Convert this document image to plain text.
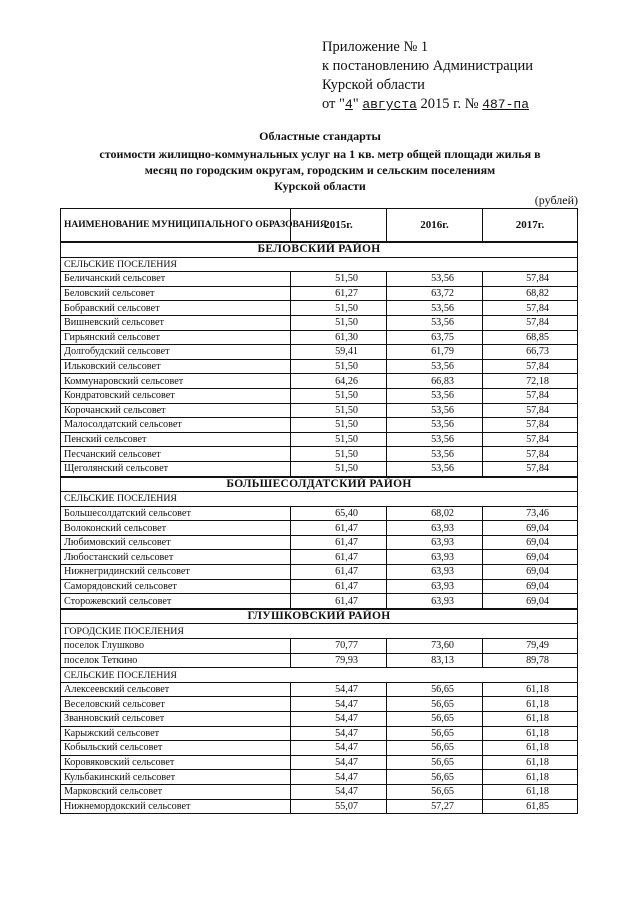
Приложение № 1
к постановлению Администрации
Курской области
от "4" августа 2015 г. № 487-па
Областные стандарты
стоимости жилищно-коммунальных услуг на 1 кв. метр общей площади жилья в
месяц по городским округам, городским и сельским поселениям
Курской области
(рублей)
НАИМЕНОВАНИЕ МУНИЦИПАЛЬНОГО ОБРАЗОВАНИЯ	2015г.	2016г.	2017г.
БЕЛОВСКИЙ РАЙОН			
СЕЛЬСКИЕ ПОСЕЛЕНИЯ			
Беличанский сельсовет	51,50	53,56	57,84
Беловский сельсовет	61,27	63,72	68,82
Бобравский сельсовет	51,50	53,56	57,84
Вишневский сельсовет	51,50	53,56	57,84
Гирьянский сельсовет	61,30	63,75	68,85
Долгобудский сельсовет	59,41	61,79	66,73
Ильковский сельсовет	51,50	53,56	57,84
Коммунаровский сельсовет	64,26	66,83	72,18
Кондратовский сельсовет	51,50	53,56	57,84
Корочанский сельсовет	51,50	53,56	57,84
Малосолдатский сельсовет	51,50	53,56	57,84
Пенский сельсовет	51,50	53,56	57,84
Песчанский сельсовет	51,50	53,56	57,84
Щеголянский сельсовет	51,50	53,56	57,84
БОЛЬШЕСОЛДАТСКИЙ РАЙОН			
СЕЛЬСКИЕ ПОСЕЛЕНИЯ			
Большесолдатский сельсовет	65,40	68,02	73,46
Волоконский сельсовет	61,47	63,93	69,04
Любимовский сельсовет	61,47	63,93	69,04
Любостанский сельсовет	61,47	63,93	69,04
Нижнегридинский сельсовет	61,47	63,93	69,04
Саморядовский сельсовет	61,47	63,93	69,04
Сторожевский сельсовет	61,47	63,93	69,04
ГЛУШКОВСКИЙ РАЙОН			
ГОРОДСКИЕ ПОСЕЛЕНИЯ			
поселок Глушково	70,77	73,60	79,49
поселок Теткино	79,93	83,13	89,78
СЕЛЬСКИЕ ПОСЕЛЕНИЯ			
Алексеевский сельсовет	54,47	56,65	61,18
Веселовский сельсовет	54,47	56,65	61,18
Званновский сельсовет	54,47	56,65	61,18
Карыжский сельсовет	54,47	56,65	61,18
Кобыльский сельсовет	54,47	56,65	61,18
Коровяковский сельсовет	54,47	56,65	61,18
Кульбакинский сельсовет	54,47	56,65	61,18
Марковский сельсовет	54,47	56,65	61,18
Нижнемордокский сельсовет	55,07	57,27	61,85
